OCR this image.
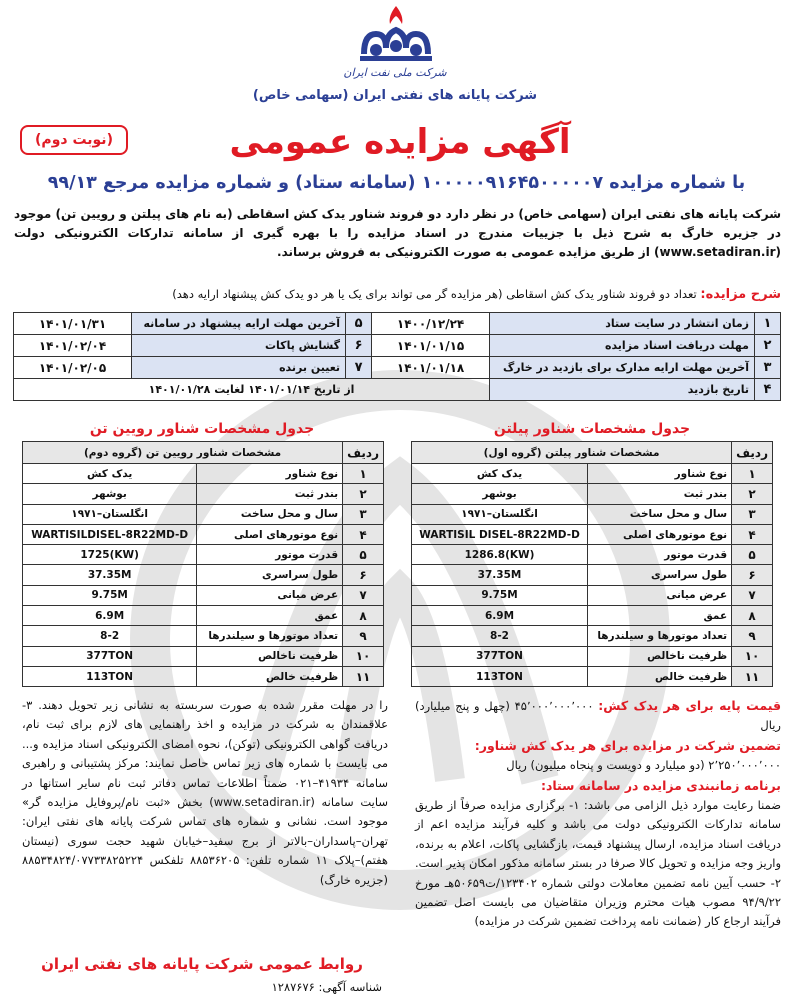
شرکت ملی نفت ایران
شرکت پایانه های نفتی ایران (سهامی خاص)
(نوبت دوم)	آگهی مزایده عمومی
با شماره مزایده ۱۰۰۰۰۰۹۱۶۴۵۰۰۰۰۰۷ (سامانه ستاد) و شماره مزایده مرجع ۹۹/۱۳
شرکت پایانه های نفتی ایران (سهامی خاص) در نظر دارد دو فروند شناور یدک کش اسقاطی (به نام های پیلتن و رویین تن) موجود در جزیره خارگ به شرح ذیل با جزییات مندرج در اسناد مزایده را با بهره گیری از سامانه تدارکات الکترونیکی دولت (www.setadiran.ir) از طریق مزایده عمومی به صورت الکترونیکی به فروش برساند.
شرح مزایده: تعداد دو فروند شناور یدک کش اسقاطی (هر مزایده گر می تواند برای یک یا هر دو یدک کش پیشنهاد ارایه دهد)
۱	زمان انتشار در سایت ستاد	۱۴۰۰/۱۲/۲۴	۵	آخرین مهلت ارایه پیشنهاد در سامانه	۱۴۰۱/۰۱/۳۱
۲	مهلت دریافت اسناد مزایده	۱۴۰۱/۰۱/۱۵	۶	گشایش پاکات	۱۴۰۱/۰۲/۰۴
۳	آخرین مهلت ارایه مدارک برای بازدید در خارگ	۱۴۰۱/۰۱/۱۸	۷	تعیین برنده	۱۴۰۱/۰۲/۰۵
۴	تاریخ بازدید	از تاریخ ۱۴۰۱/۰۱/۱۴ لغایت ۱۴۰۱/۰۱/۲۸			
جدول مشخصات شناور پیلتن
جدول مشخصات شناور رویین تن
ردیف	مشخصات شناور پیلتن (گروه اول)	
۱	نوع شناور	یدک کش
۲	بندر ثبت	بوشهر
۳	سال و محل ساخت	۱۹۷۱–انگلستان
۴	نوع موتورهای اصلی	WARTISIL DISEL-8R22MD-D
۵	قدرت موتور	1286.8(KW)
۶	طول سراسری	37.35M
۷	عرض میانی	9.75M
۸	عمق	6.9M
۹	تعداد موتورها و سیلندرها	8-2
۱۰	ظرفیت ناخالص	377TON
۱۱	ظرفیت خالص	113TON
ردیف	مشخصات شناور رویین تن (گروه دوم)	
۱	نوع شناور	یدک کش
۲	بندر ثبت	بوشهر
۳	سال و محل ساخت	۱۹۷۱–انگلستان
۴	نوع موتورهای اصلی	WARTISILDISEL-8R22MD-D
۵	قدرت موتور	1725(KW)
۶	طول سراسری	37.35M
۷	عرض میانی	9.75M
۸	عمق	6.9M
۹	تعداد موتورها و سیلندرها	8-2
۱۰	ظرفیت ناخالص	377TON
۱۱	ظرفیت خالص	113TON
قیمت پایه برای هر یدک کش: ۴۵٬۰۰۰٬۰۰۰٬۰۰۰ (چهل و پنج میلیارد) ریال
تضمین شرکت در مزایده برای هر یدک کش شناور:
۲٬۲۵۰٬۰۰۰٬۰۰۰ (دو میلیارد و دویست و پنجاه میلیون) ریال
برنامه زمانبندی مزایده در سامانه ستاد:
ضمنا رعایت موارد ذیل الزامی می باشد: ۱- برگزاری مزایده صرفاً از طریق سامانه تدارکات الکترونیکی دولت می باشد و کلیه فرآیند مزایده اعم از دریافت اسناد مزایده، ارسال پیشنهاد قیمت، بازگشایی پاکات، اعلام به برنده، واریز وجه مزایده و تحویل کالا صرفا در بستر سامانه مذکور امکان پذیر است. ۲- حسب آیین نامه تضمین معاملات دولتی شماره ۱۲۳۴۰۲/ت۵۰۶۵۹هـ مورخ ۹۴/۹/۲۲ مصوب هیات محترم وزیران متقاضیان می بایست اصل تضمین فرآیند ارجاع کار (ضمانت نامه پرداخت تضمین شرکت در مزایده)
را در مهلت مقرر شده به صورت سربسته به نشانی زیر تحویل دهند. ۳- علاقمندان به شرکت در مزایده و اخذ راهنمایی های لازم برای ثبت نام، دریافت گواهی الکترونیکی (توکن)، نحوه امضای الکترونیکی اسناد مزایده و... می بایست با شماره های زیر تماس حاصل نمایند: مرکز پشتیبانی و راهبری سامانه ۴۱۹۳۴–۰۲۱ ضمناً اطلاعات تماس دفاتر ثبت نام سایر استانها در سایت سامانه (www.setadiran.ir) بخش «ثبت نام/پروفایل مزایده گر» موجود است. نشانی و شماره های تماس شرکت پایانه های نفتی ایران: تهران–پاسداران–بالاتر از برج سفید–خیابان شهید حجت سوری (نیستان هفتم)–پلاک ۱۱ شماره تلفن: ۸۸۵۳۶۲۰۵ تلفکس ۸۸۵۳۴۸۲۴/۰۷۷۳۳۸۲۵۲۲۴ (جزیره خارگ)
روابط عمومی شرکت پایانه های نفتی ایران
شناسه آگهی: ۱۲۸۷۶۷۶
